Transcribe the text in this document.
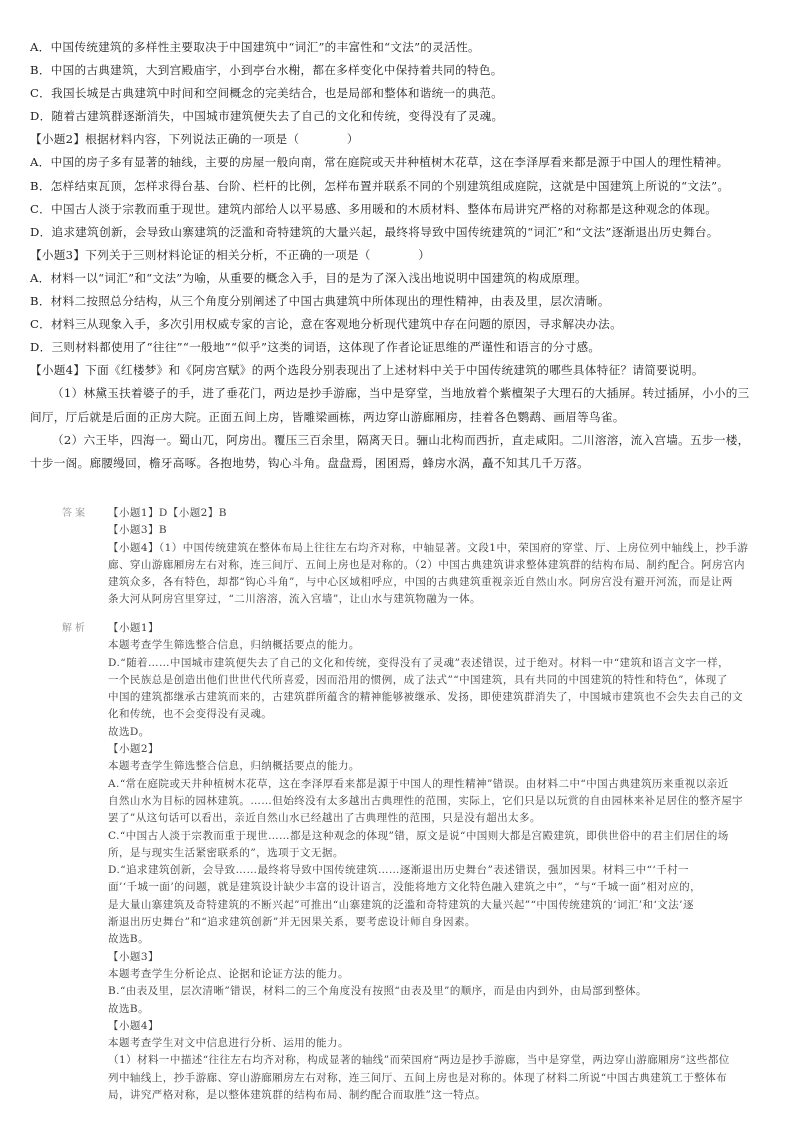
A．中国传统建筑的多样性主要取决于中国建筑中“词汇”的丰富性和“文法”的灵活性。
B．中国的古典建筑，大到宫殿庙宇，小到亭台水榭，都在多样变化中保持着共同的特色。
C．我国长城是古典建筑中时间和空间概念的完美结合，也是局部和整体和谐统一的典范。
D．随着古建筑群逐渐消失，中国城市建筑便失去了自己的文化和传统，变得没有了灵魂。
【小题2】根据材料内容，下列说法正确的一项是（　　　　）
A．中国的房子多有显著的轴线，主要的房屋一般向南，常在庭院或天井种植树木花草，这在李泽厚看来都是源于中国人的理性精神。
B．怎样结束瓦顶，怎样求得台基、台阶、栏杆的比例，怎样布置并联系不同的个别建筑组成庭院，这就是中国建筑上所说的“文法”。
C．中国古人淡于宗教而重于现世。建筑内部给人以平易感、多用暖和的木质材料、整体布局讲究严格的对称都是这种观念的体现。
D．追求建筑创新，会导致山寨建筑的泛滥和奇特建筑的大量兴起，最终将导致中国传统建筑的“词汇”和“文法”逐渐退出历史舞台。
【小题3】下列关于三则材料论证的相关分析，不正确的一项是（　　　　）
A．材料一以“词汇”和“文法”为喻，从重要的概念入手，目的是为了深入浅出地说明中国建筑的构成原理。
B．材料二按照总分结构，从三个角度分别阐述了中国古典建筑中所体现出的理性精神，由表及里，层次清晰。
C．材料三从现象入手，多次引用权威专家的言论，意在客观地分析现代建筑中存在问题的原因，寻求解决办法。
D．三则材料都使用了“往往”“一般地”“似乎”这类的词语，这体现了作者论证思维的严谨性和语言的分寸感。
【小题4】下面《红楼梦》和《阿房宫赋》的两个选段分别表现出了上述材料中关于中国传统建筑的哪些具体特征？请简要说明。
（1）林黛玉扶着婆子的手，进了垂花门，两边是抄手游廊，当中是穿堂，当地放着个紫檀架子大理石的大插屏。转过插屏，小小的三
间厅，厅后就是后面的正房大院。正面五间上房，皆雕梁画栋，两边穿山游廊厢房，挂着各色鹦鹉、画眉等鸟雀。
（2）六王毕，四海一。蜀山兀，阿房出。覆压三百余里，隔离天日。骊山北构而西折，直走咸阳。二川溶溶，流入宫墙。五步一楼，
十步一阁。廊腰缦回，檐牙高啄。各抱地势，钩心斗角。盘盘焉，囷囷焉，蜂房水涡，矗不知其几千万落。
答案 【小题1】D【小题2】B
【小题3】B
【小题4】（1）中国传统建筑在整体布局上往往左右均齐对称，中轴显著。文段1中，荣国府的穿堂、厅、上房位列中轴线上，抄手游
廊、穿山游廊厢房左右对称，连三间厅、五间上房也是对称的。（2）中国古典建筑讲求整体建筑群的结构布局、制约配合。阿房宫内
建筑众多，各有特色，却都“钩心斗角”，与中心区域相呼应，中国的古典建筑重视亲近自然山水。阿房宫没有避开河流，而是让两
条大河从阿房宫里穿过，“二川溶溶，流入宫墙”，让山水与建筑物融为一体。
解析 【小题1】
本题考查学生筛选整合信息，归纳概括要点的能力。
D.“随着……中国城市建筑便失去了自己的文化和传统，变得没有了灵魂”表述错误，过于绝对。材料一中“建筑和语言文字一样，
一个民族总是创造出他们世世代代所喜爱，因而沿用的惯例，成了法式”“中国建筑，具有共同的中国建筑的特性和特色”，体现了
中国的建筑都继承古建筑而来的，古建筑群所蕴含的精神能够被继承、发扬，即使建筑群消失了，中国城市建筑也不会失去自己的文
化和传统，也不会变得没有灵魂。
故选D。
【小题2】
本题考查学生筛选整合信息，归纳概括要点的能力。
A.“常在庭院或天井种植树木花草，这在李泽厚看来都是源于中国人的理性精神”错误。由材料二中“中国古典建筑历来重视以亲近
自然山水为目标的园林建筑。……但始终没有太多越出古典理性的范围，实际上，它们只是以玩赏的自由园林来补足居住的整齐屋宇
罢了”从这句话可以看出，亲近自然山水已经越出了古典理性的范围，只是没有超出太多。
C.“中国古人淡于宗教而重于现世……都是这种观念的体现”错，原文是说“中国则大都是宫殿建筑，即供世俗中的君主们居住的场
所，是与现实生活紧密联系的”，选项于文无据。
D.“追求建筑创新，会导致……最终将导致中国传统建筑……逐渐退出历史舞台”表述错误，强加因果。材料三中“‘千村一
面’‘千城一面’的问题，就是建筑设计缺少丰富的设计语言，没能将地方文化特色融入建筑之中”，“与“千城一面”相对应的，
是大量山寨建筑及奇特建筑的不断兴起”可推出“山寨建筑的泛滥和奇特建筑的大量兴起”“中国传统建筑的‘词汇’和‘文法’逐
渐退出历史舞台”和“追求建筑创新”并无因果关系，要考虑设计师自身因素。
故选B。
【小题3】
本题考查学生分析论点、论据和论证方法的能力。
B.“由表及里，层次清晰”错误，材料二的三个角度没有按照“由表及里”的顺序，而是由内到外，由局部到整体。
故选B。
【小题4】
本题考查学生对文中信息进行分析、运用的能力。
（1）材料一中描述“往往左右均齐对称，构成显著的轴线”而荣国府“两边是抄手游廊，当中是穿堂，两边穿山游廊厢房”这些都位
列中轴线上，抄手游廊、穿山游廊厢房左右对称，连三间厅、五间上房也是对称的。体现了材料二所说“中国古典建筑工于整体布
局，讲究严格对称，是以整体建筑群的结构布局、制约配合而取胜”这一特点。
